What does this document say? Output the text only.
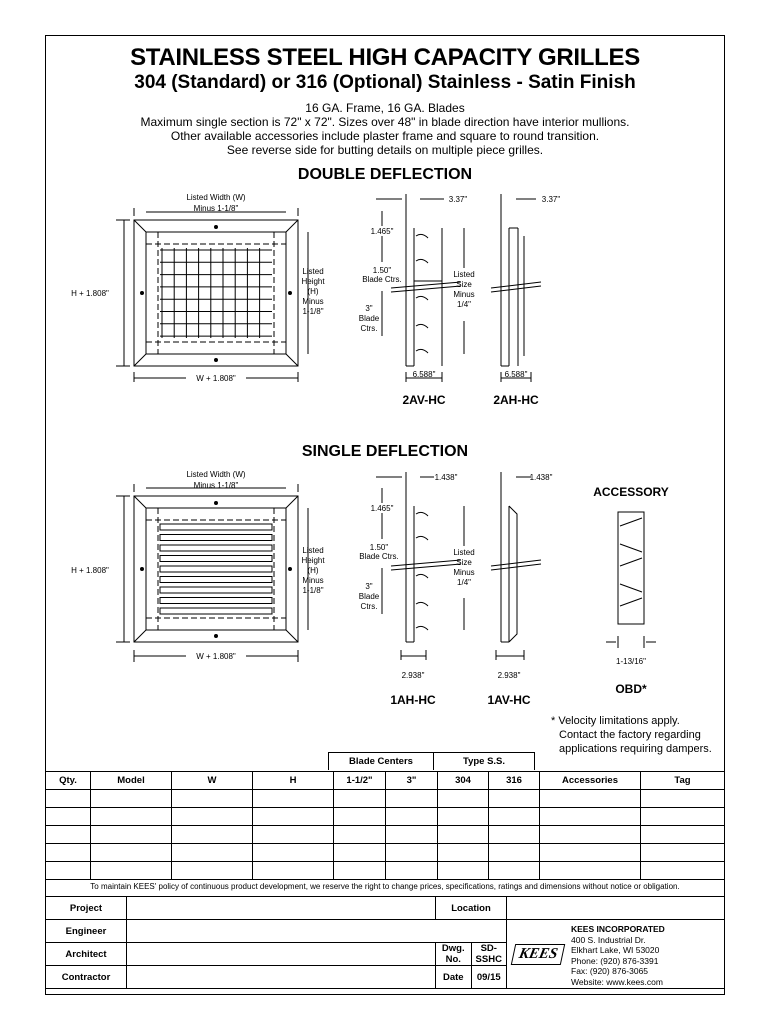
STAINLESS STEEL HIGH CAPACITY GRILLES
304 (Standard) or 316 (Optional) Stainless - Satin Finish
16 GA. Frame, 16 GA. Blades
Maximum single section is 72" x 72". Sizes over 48" in blade direction have interior mullions.
Other available accessories include plaster frame and square to round transition.
See reverse side for butting details on multiple piece grilles.
DOUBLE DEFLECTION
SINGLE DEFLECTION
Listed Width (W)
Minus 1-1/8"
H + 1.808"
W + 1.808"
Listed
Height
(H)
Minus
1-1/8"
3.37"	3.37"
1.465"
1.50"
Blade Ctrs.
3"
Blade
Ctrs.
Listed
Size
Minus
1/4"
6.588"	6.588"
2AV-HC	2AH-HC
Listed Width (W)
Minus 1-1/8"
H + 1.808"
W + 1.808"
Listed
Height
(H)
Minus
1-1/8"
1.438"	1.438"
1.465"
1.50"
Blade Ctrs.
3"
Blade
Ctrs.
Listed
Size
Minus
1/4"
2.938"	2.938"
1-13/16"
1AH-HC	1AV-HC
ACCESSORY
OBD*
* Velocity limitations apply.
Contact the factory regarding
applications requiring dampers.
Blade Centers	Type S.S.
Qty.	Model	W	H	1-1/2"	3"	304	316	Accessories	Tag

To maintain KEES' policy of continuous product development, we reserve the right to change prices, specifications, ratings and dimensions without notice or obligation.
Project		Location	
Engineer		KEES	
Architect			Dwg. No.	SD-SSHC

Contractor			Date	09/15
KEES INCORPORATED
400 S. Industrial Dr.
Elkhart Lake, WI 53020
Phone: (920) 876-3391
Fax: (920) 876-3065
Website: www.kees.com
